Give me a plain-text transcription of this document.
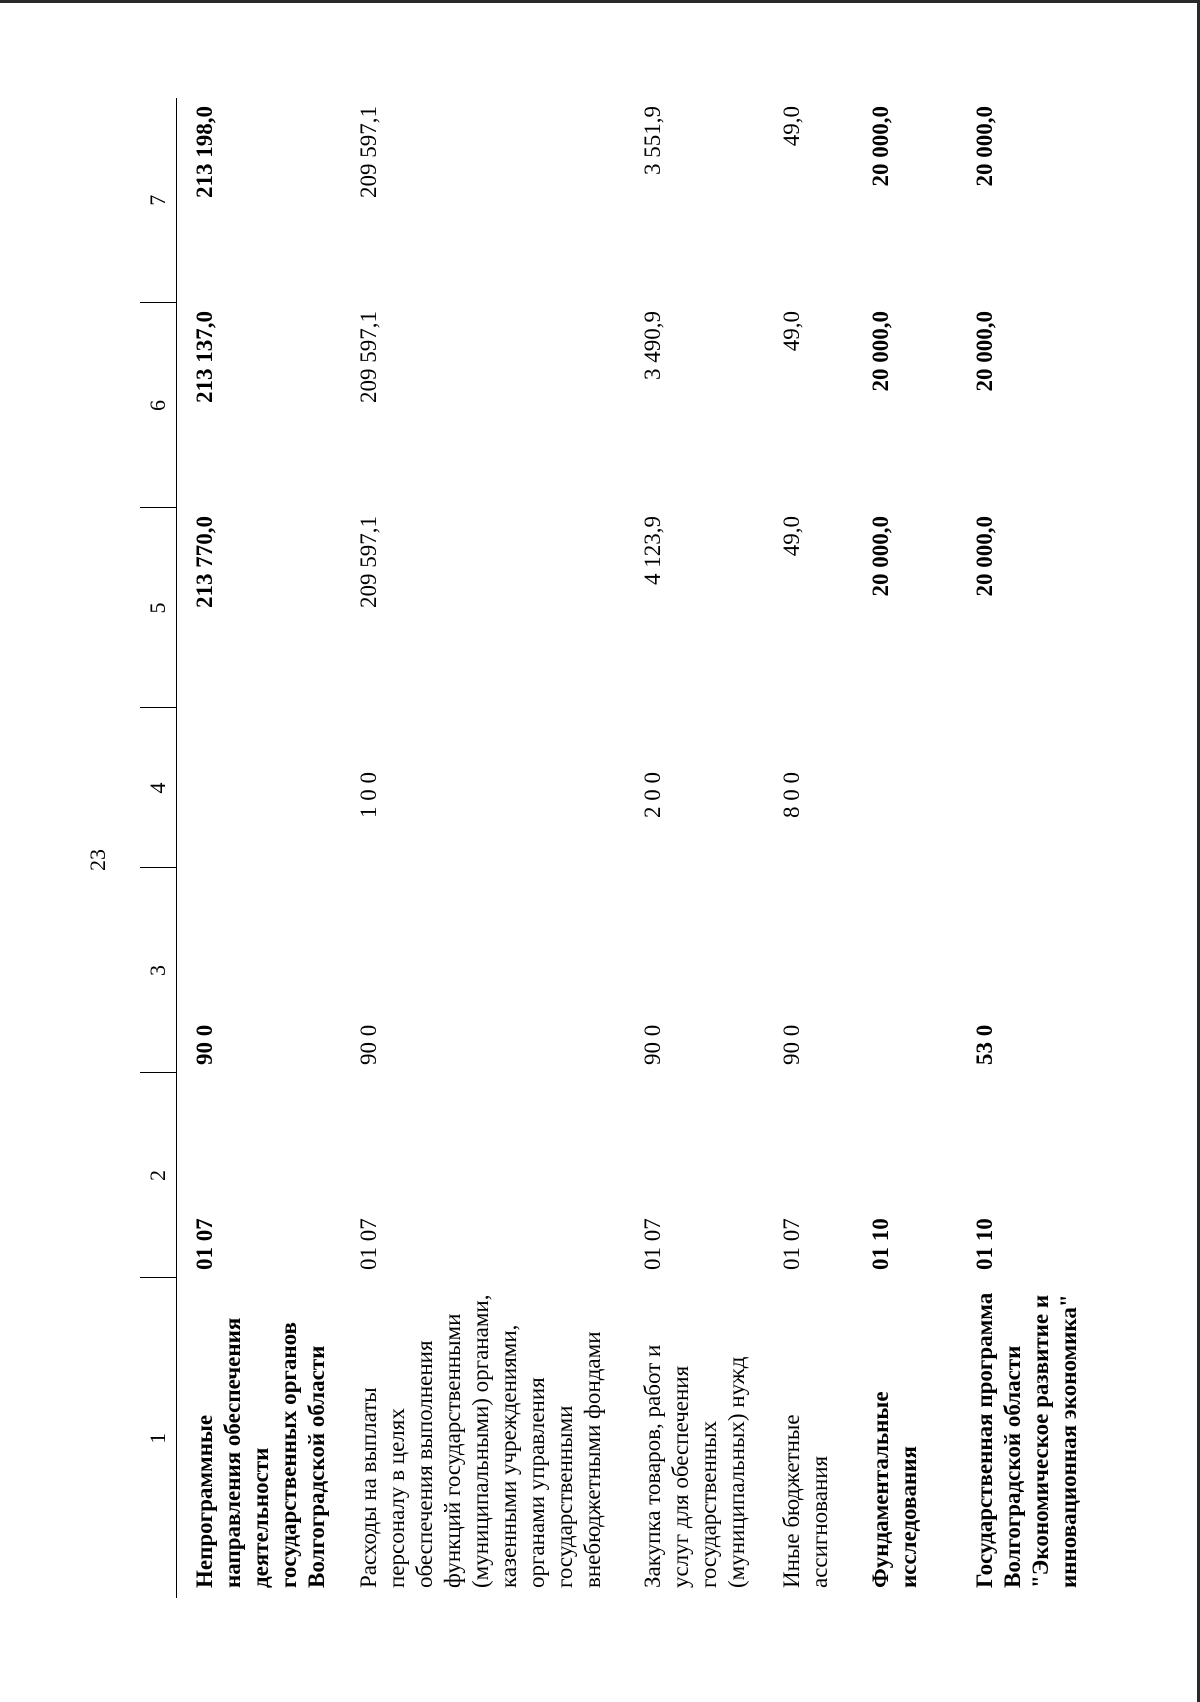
23
1	2	3	4	5	6	7
Непрограммные направления обеспечения деятельности государственных органов Волгоградской области	01 07	90 0		213 770,0	213 137,0	213 198,0
Расходы на выплаты персоналу в целях обеспечения выполнения функций государственными (муниципальными) органами, казенными учреждениями, органами управления государственными внебюджетными фондами	01 07	90 0	1 0 0	209 597,1	209 597,1	209 597,1
Закупка товаров, работ и услуг для обеспечения государственных (муниципальных) нужд	01 07	90 0	2 0 0	4 123,9	3 490,9	3 551,9
Иные бюджетные ассигнования	01 07	90 0	8 0 0	49,0	49,0	49,0
Фундаментальные исследования	01 10			20 000,0	20 000,0	20 000,0
Государственная программа Волгоградской области "Экономическое развитие и инновационная экономика"	01 10	53 0		20 000,0	20 000,0	20 000,0
